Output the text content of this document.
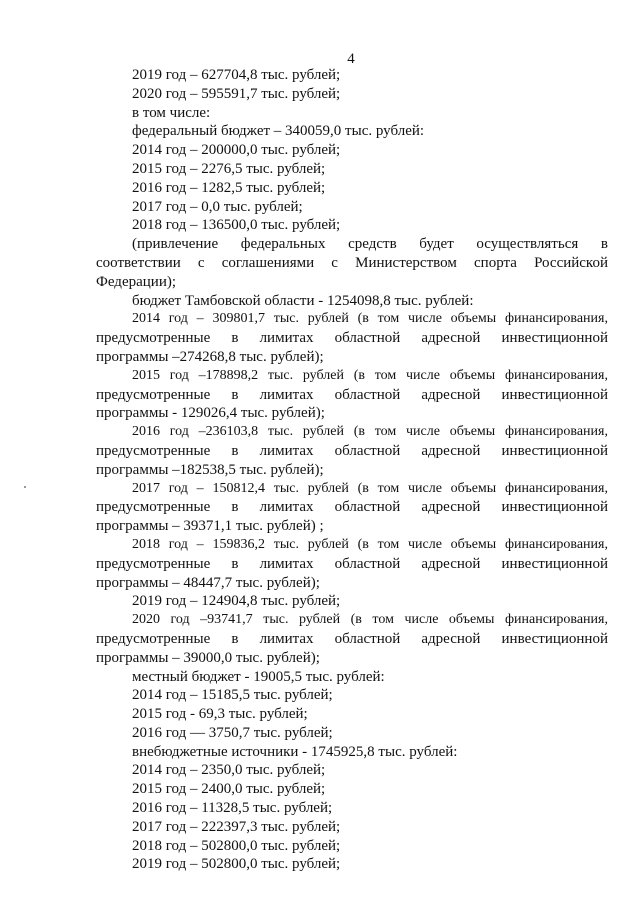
4
2019 год – 627704,8 тыс. рублей;
2020 год – 595591,7 тыс. рублей;
в том числе:
федеральный бюджет – 340059,0 тыс. рублей:
2014 год – 200000,0 тыс. рублей;
2015 год – 2276,5 тыс. рублей;
2016 год – 1282,5 тыс. рублей;
2017 год – 0,0 тыс. рублей;
2018 год – 136500,0 тыс. рублей;
(привлечение федеральных средств будет осуществляться в
соответствии с соглашениями с Министерством спорта Российской
Федерации);
бюджет Тамбовской области - 1254098,8 тыс. рублей:
2014 год – 309801,7 тыс. рублей (в том числе объемы финансирования,
предусмотренные в лимитах областной адресной инвестиционной
программы –274268,8 тыс. рублей);
2015 год –178898,2 тыс. рублей (в том числе объемы финансирования,
предусмотренные в лимитах областной адресной инвестиционной
программы - 129026,4 тыс. рублей);
2016 год –236103,8 тыс. рублей (в том числе объемы финансирования,
предусмотренные в лимитах областной адресной инвестиционной
программы –182538,5 тыс. рублей);
2017 год – 150812,4 тыс. рублей (в том числе объемы финансирования,
предусмотренные в лимитах областной адресной инвестиционной
программы – 39371,1 тыс. рублей) ;
2018 год – 159836,2 тыс. рублей (в том числе объемы финансирования,
предусмотренные в лимитах областной адресной инвестиционной
программы – 48447,7 тыс. рублей);
2019 год – 124904,8 тыс. рублей;
2020 год –93741,7 тыс. рублей (в том числе объемы финансирования,
предусмотренные в лимитах областной адресной инвестиционной
программы – 39000,0 тыс. рублей);
местный бюджет - 19005,5 тыс. рублей:
2014 год – 15185,5 тыс. рублей;
2015 год - 69,3 тыс. рублей;
2016 год –– 3750,7 тыс. рублей;
внебюджетные источники - 1745925,8 тыс. рублей:
2014 год – 2350,0 тыс. рублей;
2015 год – 2400,0 тыс. рублей;
2016 год – 11328,5 тыс. рублей;
2017 год – 222397,3 тыс. рублей;
2018 год – 502800,0 тыс. рублей;
2019 год – 502800,0 тыс. рублей;
